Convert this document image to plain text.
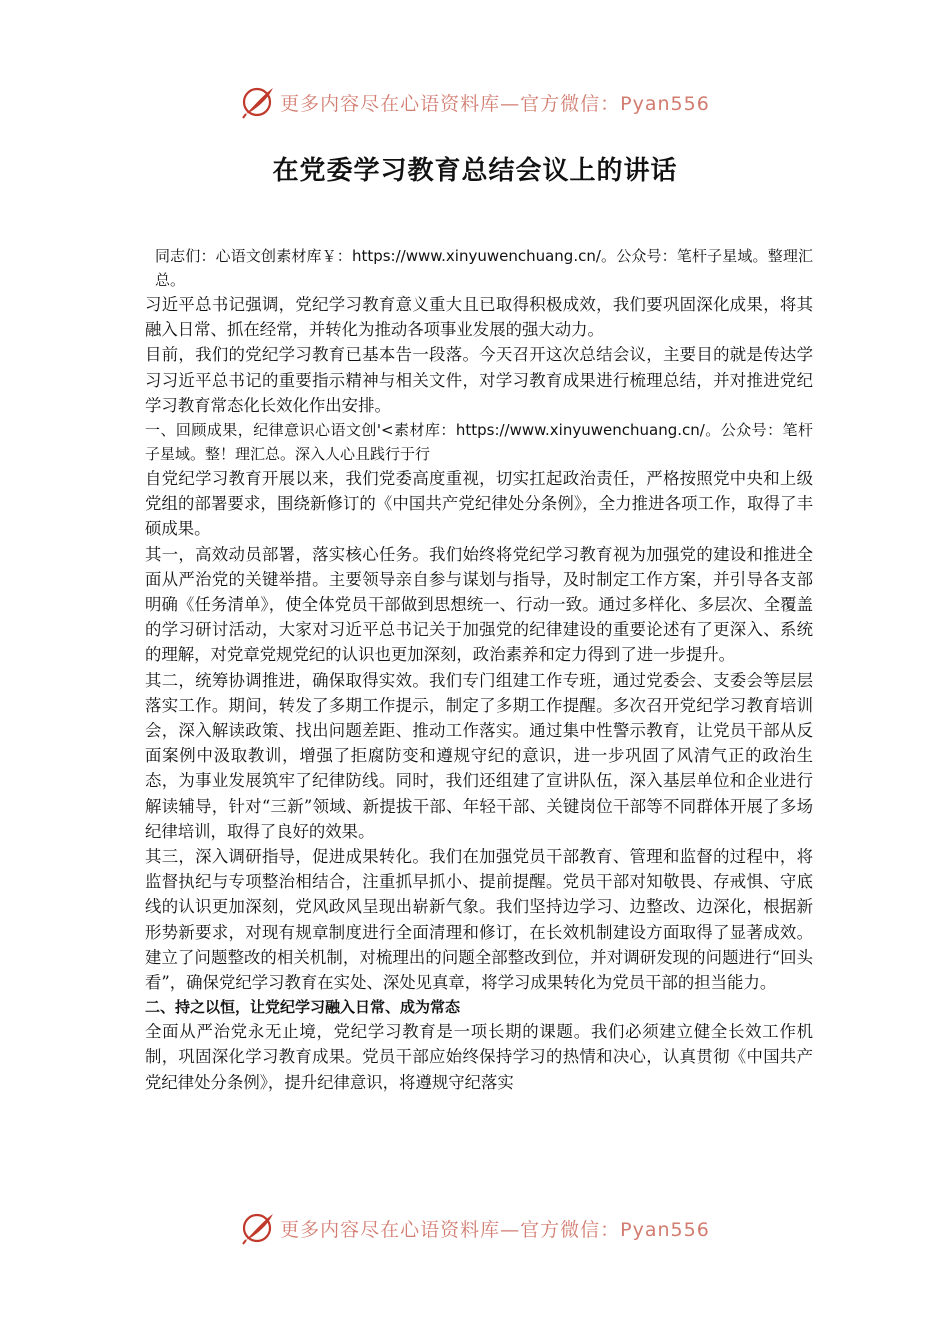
更多内容尽在心语资料库—官方微信：Pyan556
在党委学习教育总结会议上的讲话

同志们：心语文创素材库￥：https://www.xinyuwenchuang.cn/。公众号：笔杆子星域。整理汇总。

习近平总书记强调，党纪学习教育意义重大且已取得积极成效，我们要巩固深化成果，将其融入日常、抓在经常，并转化为推动各项事业发展的强大动力。

目前，我们的党纪学习教育已基本告一段落。今天召开这次总结会议，主要目的就是传达学习习近平总书记的重要指示精神与相关文件，对学习教育成果进行梳理总结，并对推进党纪学习教育常态化长效化作出安排。

一、回顾成果，纪律意识心语文创'<素材库：https://www.xinyuwenchuang.cn/。公众号：笔杆子星域。整！理汇总。深入人心且践行于行

自党纪学习教育开展以来，我们党委高度重视，切实扛起政治责任，严格按照党中央和上级党组的部署要求，围绕新修订的《中国共产党纪律处分条例》，全力推进各项工作，取得了丰硕成果。

其一，高效动员部署，落实核心任务。我们始终将党纪学习教育视为加强党的建设和推进全面从严治党的关键举措。主要领导亲自参与谋划与指导，及时制定工作方案，并引导各支部明确《任务清单》，使全体党员干部做到思想统一、行动一致。通过多样化、多层次、全覆盖的学习研讨活动，大家对习近平总书记关于加强党的纪律建设的重要论述有了更深入、系统的理解，对党章党规党纪的认识也更加深刻，政治素养和定力得到了进一步提升。

其二，统筹协调推进，确保取得实效。我们专门组建工作专班，通过党委会、支委会等层层落实工作。期间，转发了多期工作提示，制定了多期工作提醒。多次召开党纪学习教育培训会，深入解读政策、找出问题差距、推动工作落实。通过集中性警示教育，让党员干部从反面案例中汲取教训，增强了拒腐防变和遵规守纪的意识，进一步巩固了风清气正的政治生态，为事业发展筑牢了纪律防线。同时，我们还组建了宣讲队伍，深入基层单位和企业进行解读辅导，针对“三新”领域、新提拔干部、年轻干部、关键岗位干部等不同群体开展了多场纪律培训，取得了良好的效果。

其三，深入调研指导，促进成果转化。我们在加强党员干部教育、管理和监督的过程中，将监督执纪与专项整治相结合，注重抓早抓小、提前提醒。党员干部对知敬畏、存戒惧、守底线的认识更加深刻，党风政风呈现出崭新气象。我们坚持边学习、边整改、边深化，根据新形势新要求，对现有规章制度进行全面清理和修订，在长效机制建设方面取得了显著成效。建立了问题整改的相关机制，对梳理出的问题全部整改到位，并对调研发现的问题进行“回头看”，确保党纪学习教育在实处、深处见真章，将学习成果转化为党员干部的担当能力。

二、持之以恒，让党纪学习融入日常、成为常态

全面从严治党永无止境，党纪学习教育是一项长期的课题。我们必须建立健全长效工作机制，巩固深化学习教育成果。党员干部应始终保持学习的热情和决心，认真贯彻《中国共产党纪律处分条例》，提升纪律意识，将遵规守纪落实

更多内容尽在心语资料库—官方微信：Pyan556
